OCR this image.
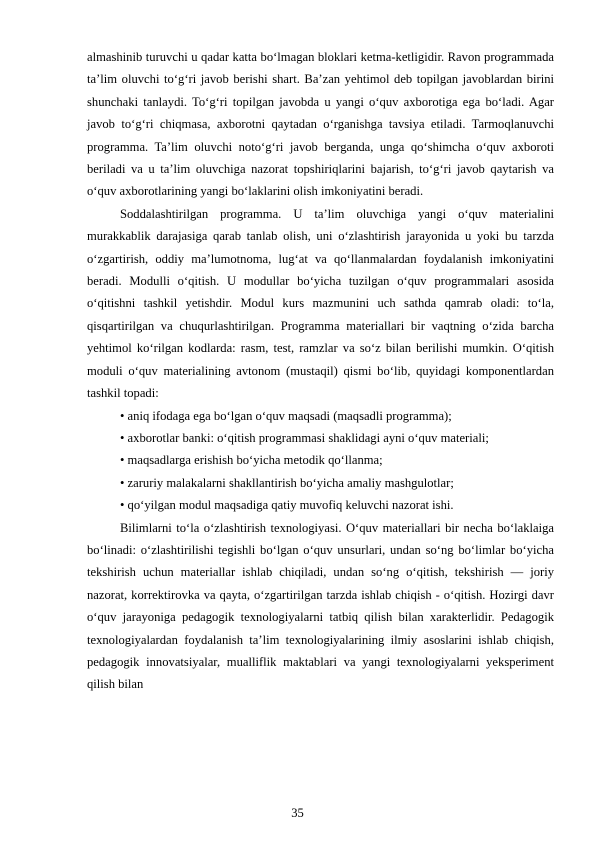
almashinib turuvchi u qadar katta bo‘lmagan bloklari ketma-ketligidir. Ravon programmada ta’lim oluvchi to‘g‘ri javob berishi shart. Ba’zan yehtimol deb topilgan javoblardan birini shunchaki tanlaydi. To‘g‘ri topilgan javobda u yangi o‘quv axborotiga ega bo‘ladi. Agar javob to‘g‘ri chiqmasa, axborotni qaytadan o‘rganishga tavsiya etiladi. Tarmoqlanuvchi programma. Ta’lim oluvchi noto‘g‘ri javob berganda, unga qo‘shimcha o‘quv axboroti beriladi va u ta’lim oluvchiga nazorat topshiriqlarini bajarish, to‘g‘ri javob qaytarish va o‘quv axborotlarining yangi bo‘laklarini olish imkoniyatini beradi.

Soddalashtirilgan programma. U ta’lim oluvchiga yangi o‘quv materialini murakkablik darajasiga qarab tanlab olish, uni o‘zlashtirish jarayonida u yoki bu tarzda o‘zgartirish, oddiy ma’lumotnoma, lug‘at va qo‘llanmalardan foydalanish imkoniyatini beradi. Modulli o‘qitish. U modullar bo‘yicha tuzilgan o‘quv programmalari asosida o‘qitishni tashkil yetishdir. Modul kurs mazmunini uch sathda qamrab oladi: to‘la, qisqartirilgan va chuqurlashtirilgan. Programma materiallari bir vaqtning o‘zida barcha yehtimol ko‘rilgan kodlarda: rasm, test, ramzlar va so‘z bilan berilishi mumkin. O‘qitish moduli o‘quv materialining avtonom (mustaqil) qismi bo‘lib, quyidagi komponentlardan tashkil topadi:

• aniq ifodaga ega bo‘lgan o‘quv maqsadi (maqsadli programma);

• axborotlar banki: o‘qitish programmasi shaklidagi ayni o‘quv materiali;

• maqsadlarga erishish bo‘yicha metodik qo‘llanma;

• zaruriy malakalarni shakllantirish bo‘yicha amaliy mashgulotlar;

• qo‘yilgan modul maqsadiga qatiy muvofiq keluvchi nazorat ishi.

Bilimlarni to‘la o‘zlashtirish texnologiyasi. O‘quv materiallari bir necha bo‘laklaiga bo‘linadi: o‘zlashtirilishi tegishli bo‘lgan o‘quv unsurlari, undan so‘ng bo‘limlar bo‘yicha tekshirish uchun materiallar ishlab chiqiladi, undan so‘ng o‘qitish, tekshirish — joriy nazorat, korrektirovka va qayta, o‘zgartirilgan tarzda ishlab chiqish - o‘qitish. Hozirgi davr o‘quv jarayoniga pedagogik texnologiyalarni tatbiq qilish bilan xarakterlidir. Pedagogik texnologiyalardan foydalanish ta’lim texnologiyalarining ilmiy asoslarini ishlab chiqish, pedagogik innovatsiyalar, mualliflik maktablari va yangi texnologiyalarni yeksperiment qilish bilan

35
